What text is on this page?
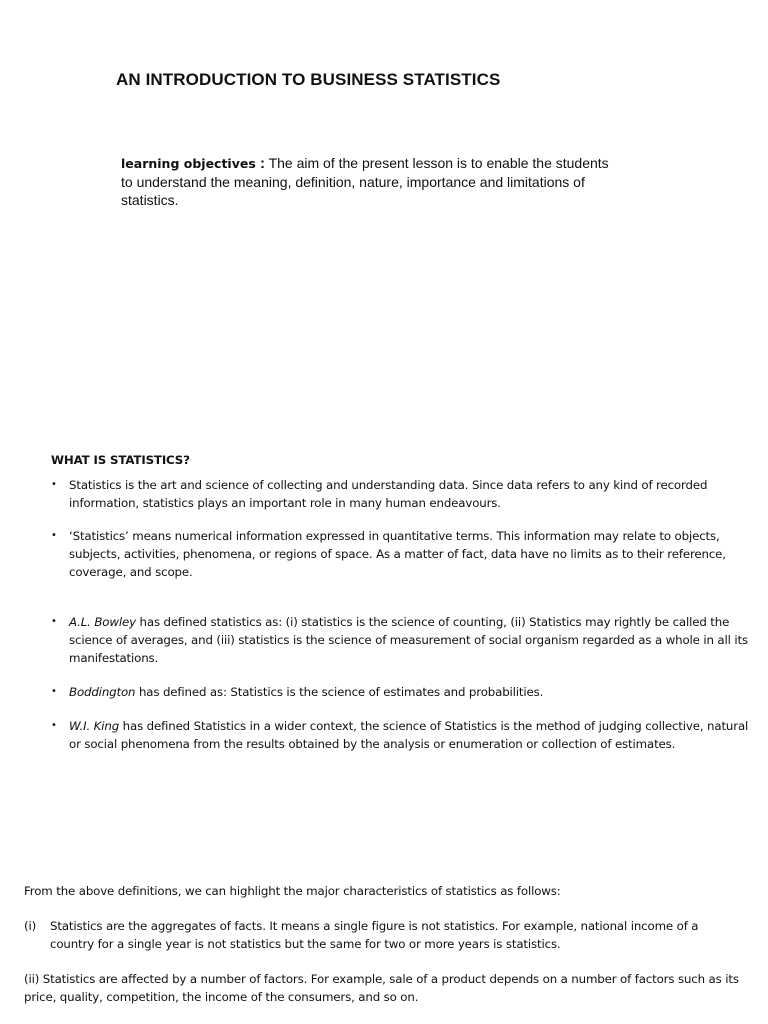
AN INTRODUCTION TO BUSINESS STATISTICS
learning objectives : The aim of the present lesson is to enable the students to understand the meaning, definition, nature, importance and limitations of statistics.
WHAT IS STATISTICS?
• Statistics is the art and science of collecting and understanding data. Since data refers to any kind of recorded information, statistics plays an important role in many human endeavours.
• ‘Statistics’ means numerical information expressed in quantitative terms. This information may relate to objects, subjects, activities, phenomena, or regions of space. As a matter of fact, data have no limits as to their reference, coverage, and scope.
• A.L. Bowley has defined statistics as: (i) statistics is the science of counting, (ii) Statistics may rightly be called the science of averages, and (iii) statistics is the science of measurement of social organism regarded as a whole in all its manifestations.
• Boddington has defined as: Statistics is the science of estimates and probabilities.
• W.I. King has defined Statistics in a wider context, the science of Statistics is the method of judging collective, natural or social phenomena from the results obtained by the analysis or enumeration or collection of estimates.
From the above definitions, we can highlight the major characteristics of statistics as follows:
(i) Statistics are the aggregates of facts. It means a single figure is not statistics. For example, national income of a country for a single year is not statistics but the same for two or more years is statistics.
(ii) Statistics are affected by a number of factors. For example, sale of a product depends on a number of factors such as its price, quality, competition, the income of the consumers, and so on.
